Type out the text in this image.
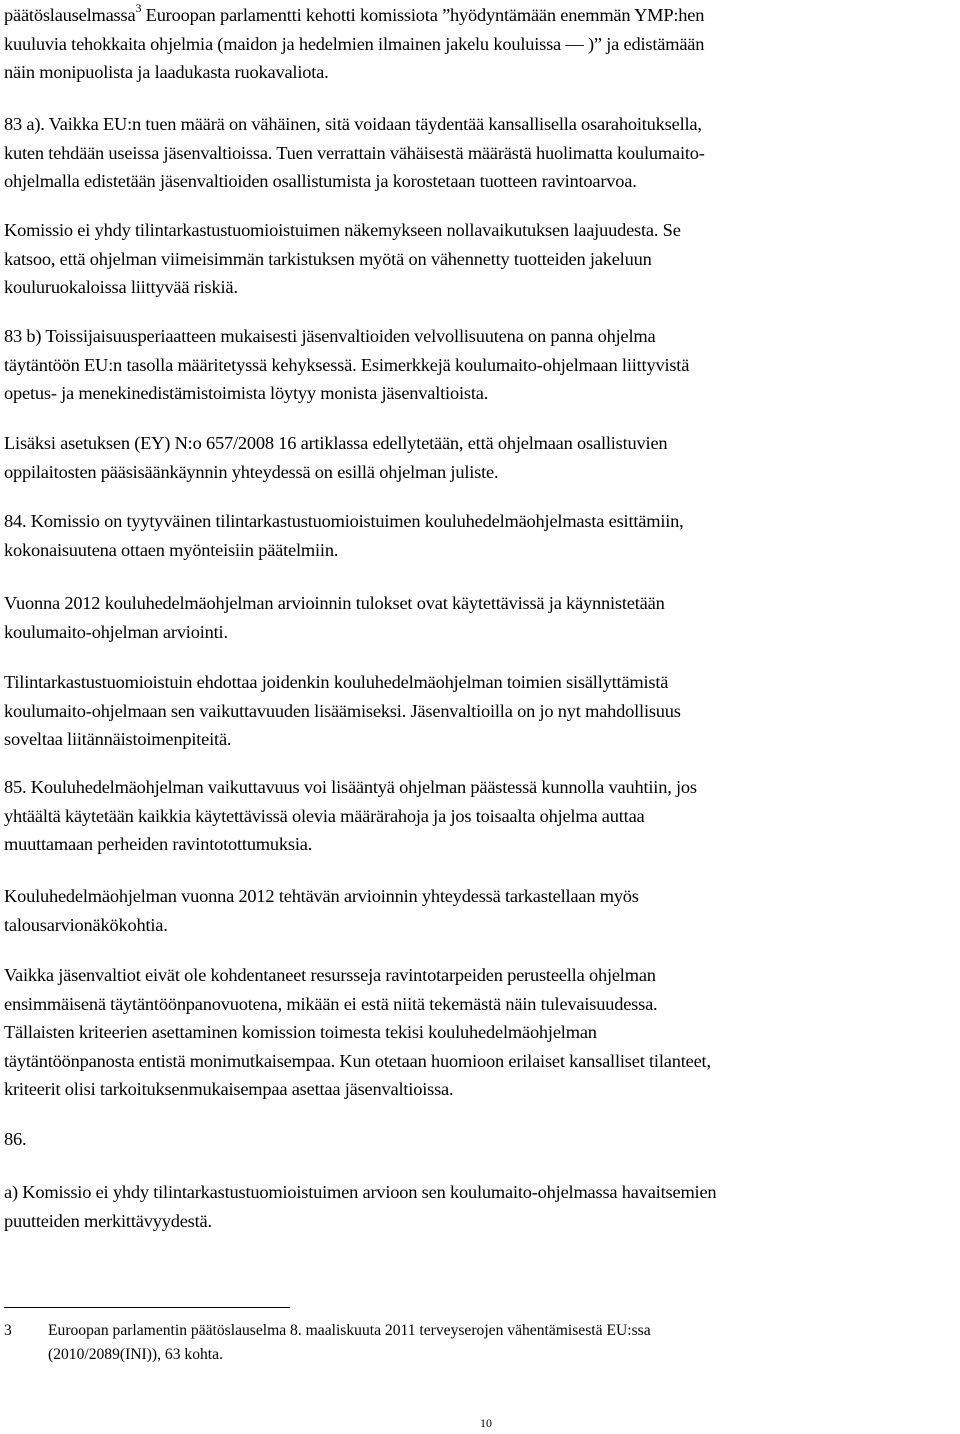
päätöslauselmassa$^3$ Euroopan parlamentti kehotti komissiota ”hyödyntämään enemmän YMP:hen
kuuluvia tehokkaita ohjelmia (maidon ja hedelmien ilmainen jakelu kouluissa — )” ja edistämään
näin monipuolista ja laadukasta ruokavaliota.
83 a). Vaikka EU:n tuen määrä on vähäinen, sitä voidaan täydentää kansallisella osarahoituksella,
kuten tehdään useissa jäsenvaltioissa. Tuen verrattain vähäisestä määrästä huolimatta koulumaito-
ohjelmalla edistetään jäsenvaltioiden osallistumista ja korostetaan tuotteen ravintoarvoa.
Komissio ei yhdy tilintarkastustuomioistuimen näkemykseen nollavaikutuksen laajuudesta. Se
katsoo, että ohjelman viimeisimmän tarkistuksen myötä on vähennetty tuotteiden jakeluun
kouluruokaloissa liittyvää riskiä.
83 b) Toissijaisuusperiaatteen mukaisesti jäsenvaltioiden velvollisuutena on panna ohjelma
täytäntöön EU:n tasolla määritetyssä kehyksessä. Esimerkkejä koulumaito-ohjelmaan liittyvistä
opetus- ja menekinedistämistoimista löytyy monista jäsenvaltioista.
Lisäksi asetuksen (EY) N:o 657/2008 16 artiklassa edellytetään, että ohjelmaan osallistuvien
oppilaitosten pääsisäänkäynnin yhteydessä on esillä ohjelman juliste.
84. Komissio on tyytyväinen tilintarkastustuomioistuimen kouluhedelmäohjelmasta esittämiin,
kokonaisuutena ottaen myönteisiin päätelmiin.
Vuonna 2012 kouluhedelmäohjelman arvioinnin tulokset ovat käytettävissä ja käynnistetään
koulumaito-ohjelman arviointi.
Tilintarkastustuomioistuin ehdottaa joidenkin kouluhedelmäohjelman toimien sisällyttämistä
koulumaito-ohjelmaan sen vaikuttavuuden lisäämiseksi. Jäsenvaltioilla on jo nyt mahdollisuus
soveltaa liitännäistoimenpiteitä.
85. Kouluhedelmäohjelman vaikuttavuus voi lisääntyä ohjelman päästessä kunnolla vauhtiin, jos
yhtäältä käytetään kaikkia käytettävissä olevia määrärahoja ja jos toisaalta ohjelma auttaa
muuttamaan perheiden ravintotottumuksia.
Kouluhedelmäohjelman vuonna 2012 tehtävän arvioinnin yhteydessä tarkastellaan myös
talousarvionäkökohtia.
Vaikka jäsenvaltiot eivät ole kohdentaneet resursseja ravintotarpeiden perusteella ohjelman
ensimmäisenä täytäntöönpanovuotena, mikään ei estä niitä tekemästä näin tulevaisuudessa.
Tällaisten kriteerien asettaminen komission toimesta tekisi kouluhedelmäohjelman
täytäntöönpanosta entistä monimutkaisempaa. Kun otetaan huomioon erilaiset kansalliset tilanteet,
kriteerit olisi tarkoituksenmukaisempaa asettaa jäsenvaltioissa.
86.
a) Komissio ei yhdy tilintarkastustuomioistuimen arvioon sen koulumaito-ohjelmassa havaitsemien
puutteiden merkittävyydestä.
3 Euroopan parlamentin päätöslauselma 8. maaliskuuta 2011 terveyserojen vähentämisestä EU:ssa
(2010/2089(INI)), 63 kohta.
10
